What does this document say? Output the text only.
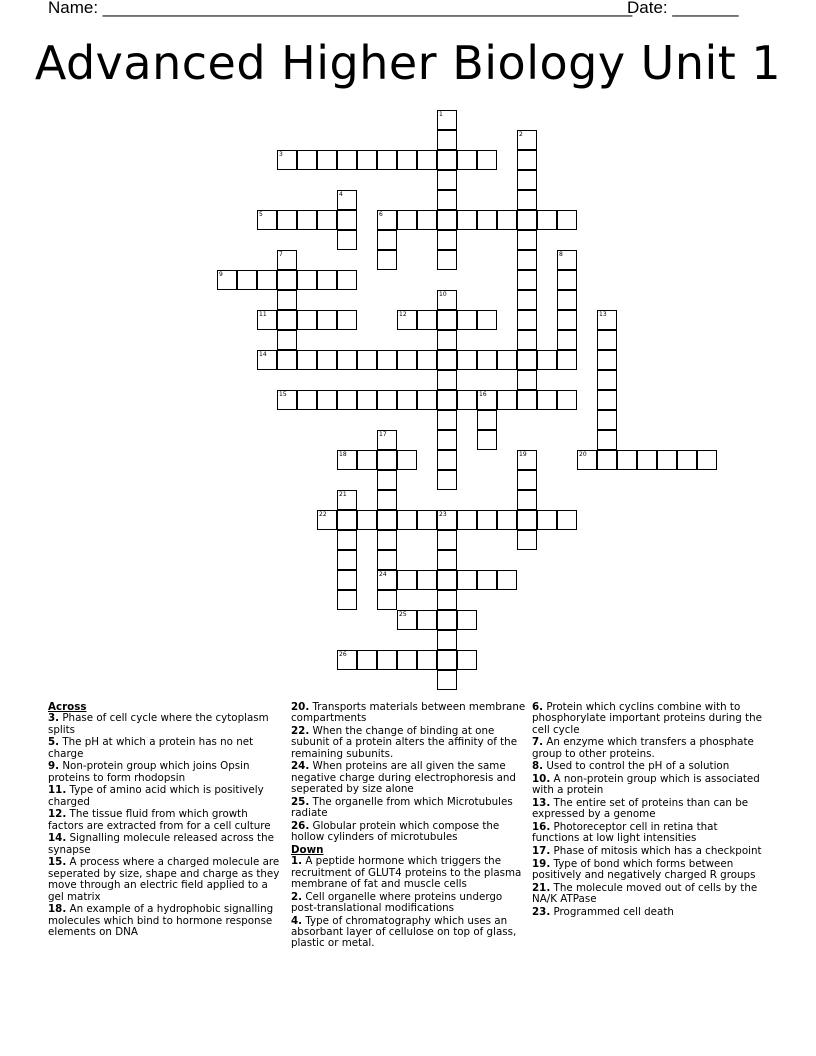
Name: ________________________________________________________
Date: _______
Advanced Higher Biology Unit 1
1
2
3
4
5	6
7	8
9
10
11	12	13
14
15	16
17
18	19	20
21
22	23
24
25
26

Across

3. Phase of cell cycle where the cytoplasm splits

5. The pH at which a protein has no net charge

9. Non-protein group which joins Opsin proteins to form rhodopsin

11. Type of amino acid which is positively charged

12. The tissue fluid from which growth factors are extracted from for a cell culture

14. Signalling molecule released across the synapse

15. A process where a charged molecule are seperated by size, shape and charge as they move through an electric field applied to a gel matrix

18. An example of a hydrophobic signalling molecules which bind to hormone response elements on DNA

20. Transports materials between membrane compartments

22. When the change of binding at one subunit of a protein alters the affinity of the remaining subunits.

24. When proteins are all given the same negative charge during electrophoresis and seperated by size alone

25. The organelle from which Microtubules radiate

26. Globular protein which compose the hollow cylinders of microtubules

Down

1. A peptide hormone which triggers the recruitment of GLUT4 proteins to the plasma membrane of fat and muscle cells

2. Cell organelle where proteins undergo post-translational modifications

4. Type of chromatography which uses an absorbant layer of cellulose on top of glass, plastic or metal.

6. Protein which cyclins combine with to phosphorylate important proteins during the cell cycle

7. An enzyme which transfers a phosphate group to other proteins.

8. Used to control the pH of a solution

10. A non-protein group which is associated with a protein

13. The entire set of proteins than can be expressed by a genome

16. Photoreceptor cell in retina that functions at low light intensities

17. Phase of mitosis which has a checkpoint

19. Type of bond which forms between positively and negatively charged R groups

21. The molecule moved out of cells by the NA/K ATPase

23. Programmed cell death
